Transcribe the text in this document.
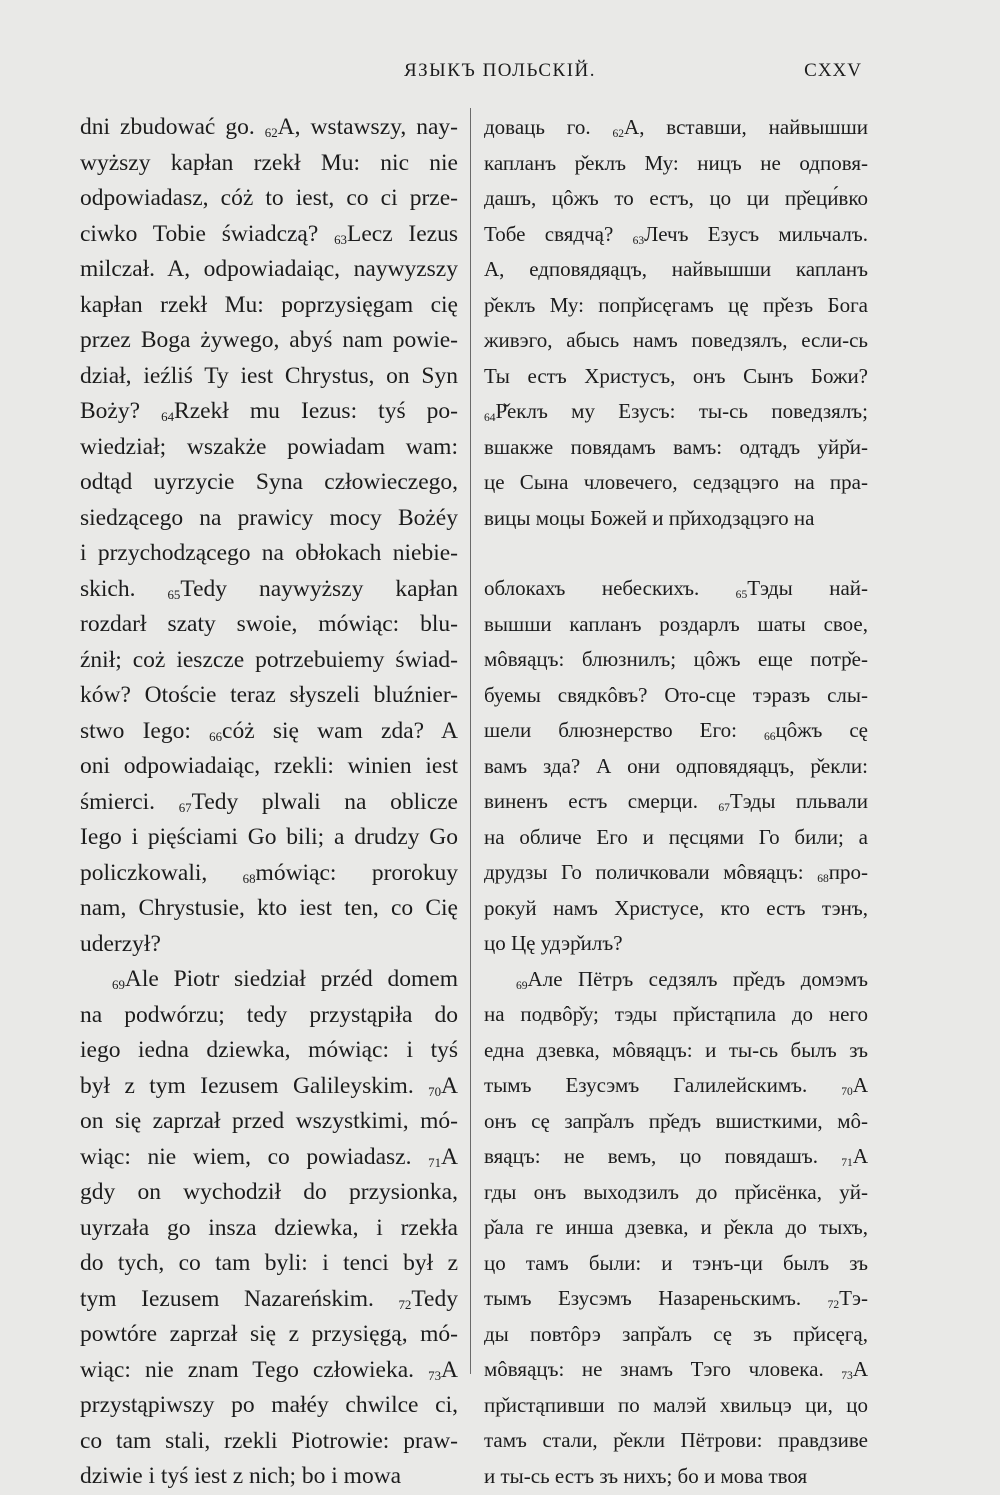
ЯЗЫКЪ ПОЛЬСКІЙ.	CXXV
dni zbudować go. $_{62}$A, wstawszy, nay-
wyższy kapłan rzekł Mu: nic nie
odpowiadasz, cóż to iest, co ci prze-
ciwko Tobie świadczą? $_{63}$Lecz Iezus
milczał. A, odpowiadaiąc, naywyzszy
kapłan rzekł Mu: poprzysięgam cię
przez Boga żywego, abyś nam powie-
dział, ieźliś Ty iest Chrystus, on Syn
Boży? $_{64}$Rzekł mu Iezus: tyś po-
wiedział; wszakże powiadam wam:
odtąd uyrzycie Syna człowieczego,
siedzącego na prawicy mocy Bożéy
i przychodzącego na obłokach niebie-
skich. $_{65}$Tedy naywyższy kapłan
rozdarł szaty swoie, mówiąc: blu-
źnił; coż ieszcze potrzebuiemy świad-
ków? Otoście teraz słyszeli bluźnier-
stwo Iego: $_{66}$cóż się wam zda? A
oni odpowiadaiąc, rzekli: winien iest
śmierci. $_{67}$Tedy plwali na oblicze
Iego i pięściami Go bili; a drudzy Go
policzkowali, $_{68}$mówiąc: prorokuy
nam, Chrystusie, kto iest ten, co Cię
uderzył?
$_{69}$Ale Piotr siedział przéd domem
na podwórzu; tedy przystąpiła do
iego iedna dziewka, mówiąc: i tyś
był z tym Iezusem Galileyskim. $_{70}$A
on się zaprzał przed wszystkimi, mó-
wiąc: nie wiem, co powiadasz. $_{71}$A
gdy on wychodził do przysionka,
uyrzała go insza dziewka, i rzekła
do tych, co tam byli: i tenci był z
tym Iezusem Nazareńskim. $_{72}$Tedy
powtóre zaprzał się z przysięgą, mó-
wiąc: nie znam Tego człowieka. $_{73}$A
przystąpiwszy po małéy chwilce ci,
co tam stali, rzekli Piotrowie: praw-
dziwie i tyś iest z nich; bo i mowa
доваць го. $_{62}$А, вставши, найвышши
капланъ р̌еклъ Му: ницъ не одповя-
дашъ, цôжъ то естъ, цо ци пр̌еци́вко
Тобе свядчą? $_{63}$Лечъ Езусъ мильчалъ.
А, едповядяąцъ, найвышши капланъ
р̌еклъ Му: попр̌исęгамъ цę пр̌езъ Бога
живэго, абысь намъ поведзялъ, если-сь
Ты естъ Христусъ, онъ Сынъ Божи?
$_{64}$Р̌еклъ му Езусъ: ты-сь поведзялъ;
вшакже повядамъ вамъ: одтąдъ уйр̌и-
це Сына чловечего, седзąцэго на пра-
вицы моцы Божей и пр̌иходзąцэго на
облокахъ небескихъ. $_{65}$Тэды най-
вышши капланъ роздарлъ шаты свое,
мôвяąцъ: блюзнилъ; цôжъ еще потр̌е-
буемы свядкôвъ? Ото-сце тэразъ слы-
шели блюзнерство Его: $_{66}$цôжъ сę
вамъ зда? А они одповядяąцъ, р̌екли:
виненъ естъ смерци. $_{67}$Тэды пльвали
на обличе Его и пęсцями Го били; а
друдзы Го поличковали мôвяąцъ: $_{68}$про-
рокуй намъ Христусе, кто естъ тэнъ,
цо Цę удэр̌илъ?
$_{69}$Але Пётръ седзялъ пр̌едъ домэмъ
на подвôр̌у; тэды пр̌истąпила до него
една дзевка, мôвяąцъ: и ты-сь былъ зъ
тымъ Езусэмъ Галилейскимъ. $_{70}$А
онъ сę запр̌алъ пр̌едъ вшисткими, мô-
вяąцъ: не вемъ, цо повядашъ. $_{71}$А
гды онъ выходзилъ до пр̌исёнка, уй-
р̌ала ге инша дзевка, и р̌екла до тыхъ,
цо тамъ были: и тэнъ-ци былъ зъ
тымъ Езусэмъ Назареньскимъ. $_{72}$Тэ-
ды повтôрэ запр̌алъ сę зъ пр̌исęгą,
мôвяąцъ: не знамъ Тэго чловека. $_{73}$А
пр̌истąпивши по малэй хвильцэ ци, цо
тамъ стали, р̌екли Пётрови: правдзиве
и ты-сь естъ зъ нихъ; бо и мова твоя
